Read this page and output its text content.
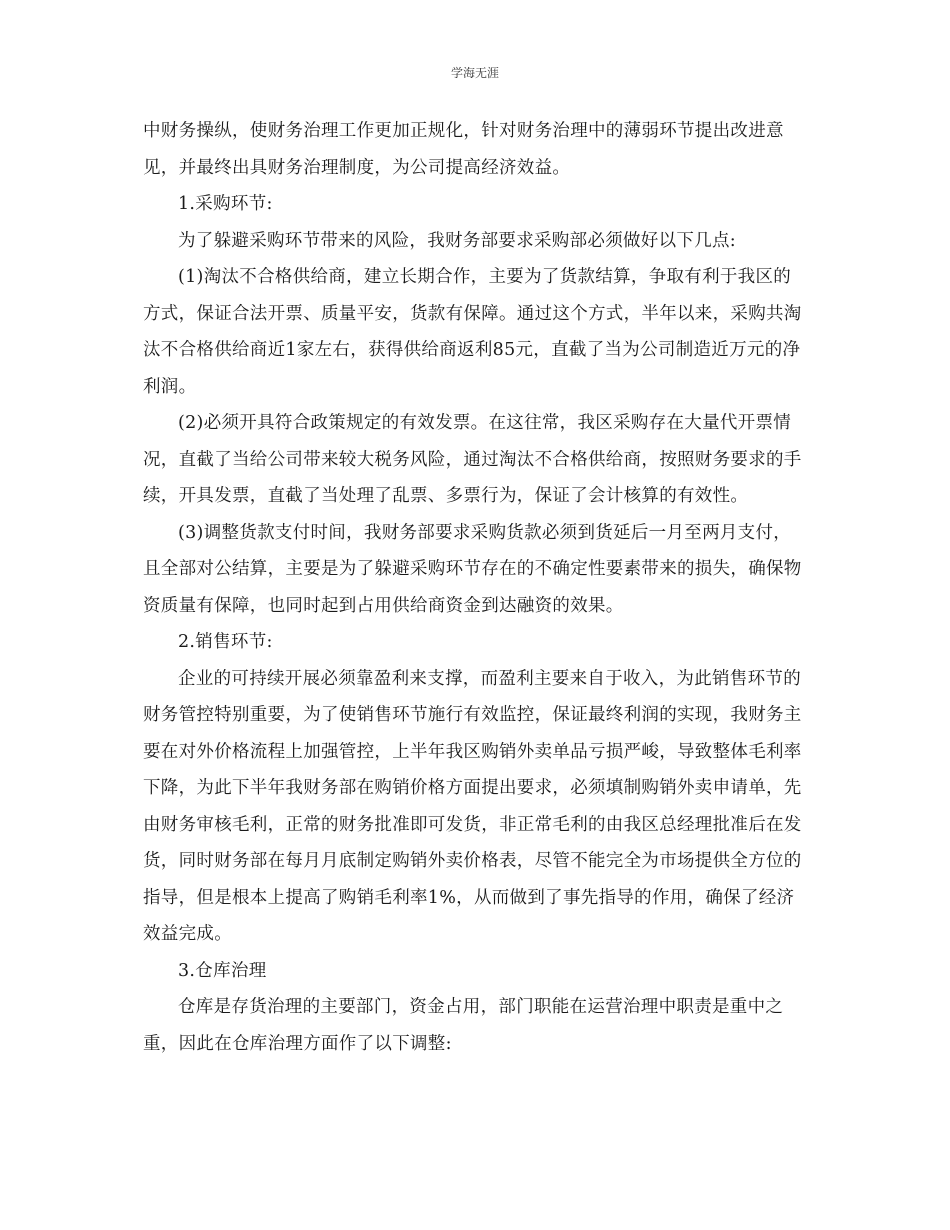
学海无涯

中财务操纵，使财务治理工作更加正规化，针对财务治理中的薄弱环节提出改进意见，并最终出具财务治理制度，为公司提高经济效益。

1.采购环节:

为了躲避采购环节带来的风险，我财务部要求采购部必须做好以下几点:

(1)淘汰不合格供给商，建立长期合作，主要为了货款结算，争取有利于我区的方式，保证合法开票、质量平安，货款有保障。通过这个方式，半年以来，采购共淘汰不合格供给商近1家左右，获得供给商返利85元，直截了当为公司制造近万元的净利润。

(2)必须开具符合政策规定的有效发票。在这往常，我区采购存在大量代开票情况，直截了当给公司带来较大税务风险，通过淘汰不合格供给商，按照财务要求的手续，开具发票，直截了当处理了乱票、多票行为，保证了会计核算的有效性。

(3)调整货款支付时间，我财务部要求采购货款必须到货延后一月至两月支付，且全部对公结算，主要是为了躲避采购环节存在的不确定性要素带来的损失，确保物资质量有保障，也同时起到占用供给商资金到达融资的效果。

2.销售环节:

企业的可持续开展必须靠盈利来支撑，而盈利主要来自于收入，为此销售环节的财务管控特别重要，为了使销售环节施行有效监控，保证最终利润的实现，我财务主要在对外价格流程上加强管控，上半年我区购销外卖单品亏损严峻，导致整体毛利率下降，为此下半年我财务部在购销价格方面提出要求，必须填制购销外卖申请单，先由财务审核毛利，正常的财务批准即可发货，非正常毛利的由我区总经理批准后在发货，同时财务部在每月月底制定购销外卖价格表，尽管不能完全为市场提供全方位的指导，但是根本上提高了购销毛利率1%，从而做到了事先指导的作用，确保了经济效益完成。

3.仓库治理

仓库是存货治理的主要部门，资金占用，部门职能在运营治理中职责是重中之重，因此在仓库治理方面作了以下调整:
